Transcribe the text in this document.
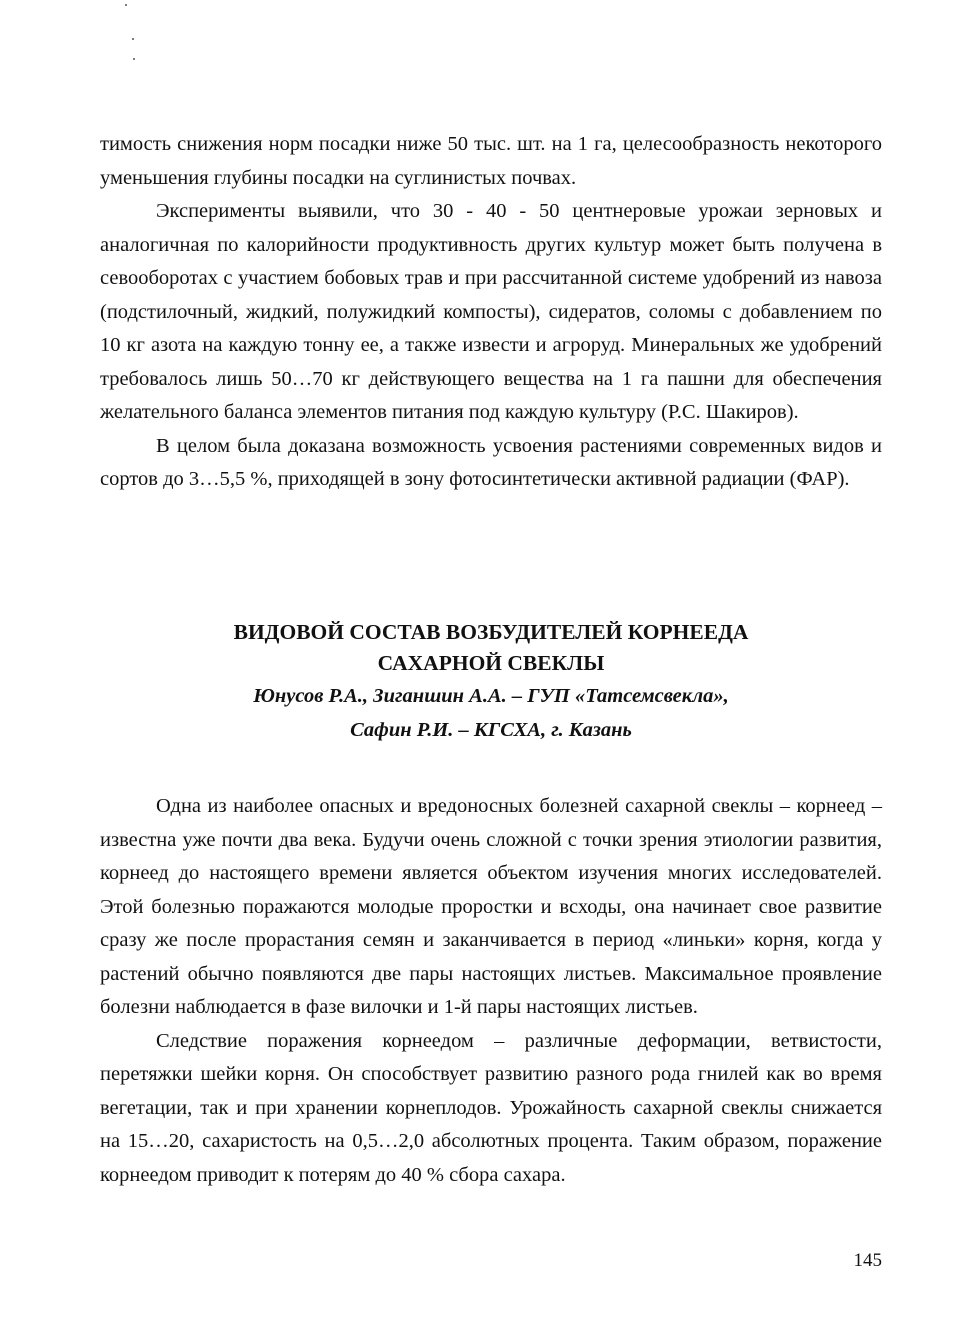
тимость снижения норм посадки ниже 50 тыс. шт. на 1 га, целесообразность некоторого уменьшения глубины посадки на суглинистых почвах.

Эксперименты выявили, что 30 - 40 - 50 центнеровые урожаи зерновых и аналогичная по калорийности продуктивность других культур может быть получена в севооборотах с участием бобовых трав и при рассчитанной системе удобрений из навоза (подстилочный, жидкий, полужидкий компосты), сидератов, соломы с добавлением по 10 кг азота на каждую тонну ее, а также извести и агроруд. Минеральных же удобрений требовалось лишь 50…70 кг действующего вещества на 1 га пашни для обеспечения желательного баланса элементов питания под каждую культуру (Р.С. Шакиров).

В целом была доказана возможность усвоения растениями современных видов и сортов до 3…5,5 %, приходящей в зону фотосинтетически активной радиации (ФАР).

ВИДОВОЙ СОСТАВ ВОЗБУДИТЕЛЕЙ КОРНЕЕДА

САХАРНОЙ СВЕКЛЫ

Юнусов Р.А., Зиганшин А.А. – ГУП «Татсемсвекла»,

Сафин Р.И. – КГСХА, г. Казань

Одна из наиболее опасных и вредоносных болезней сахарной свеклы – корнеед – известна уже почти два века. Будучи очень сложной с точки зрения этиологии развития, корнеед до настоящего времени является объектом изучения многих исследователей. Этой болезнью поражаются молодые проростки и всходы, она начинает свое развитие сразу же после прорастания семян и заканчивается в период «линьки» корня, когда у растений обычно появляются две пары настоящих листьев. Максимальное проявление болезни наблюдается в фазе вилочки и 1-й пары настоящих листьев.

Следствие поражения корнеедом – различные деформации, ветвистости, перетяжки шейки корня. Он способствует развитию разного рода гнилей как во время вегетации, так и при хранении корнеплодов. Урожайность сахарной свеклы снижается на 15…20, сахаристость на 0,5…2,0 абсолютных процента. Таким образом, поражение корнеедом приводит к потерям до 40 % сбора сахара.

145
